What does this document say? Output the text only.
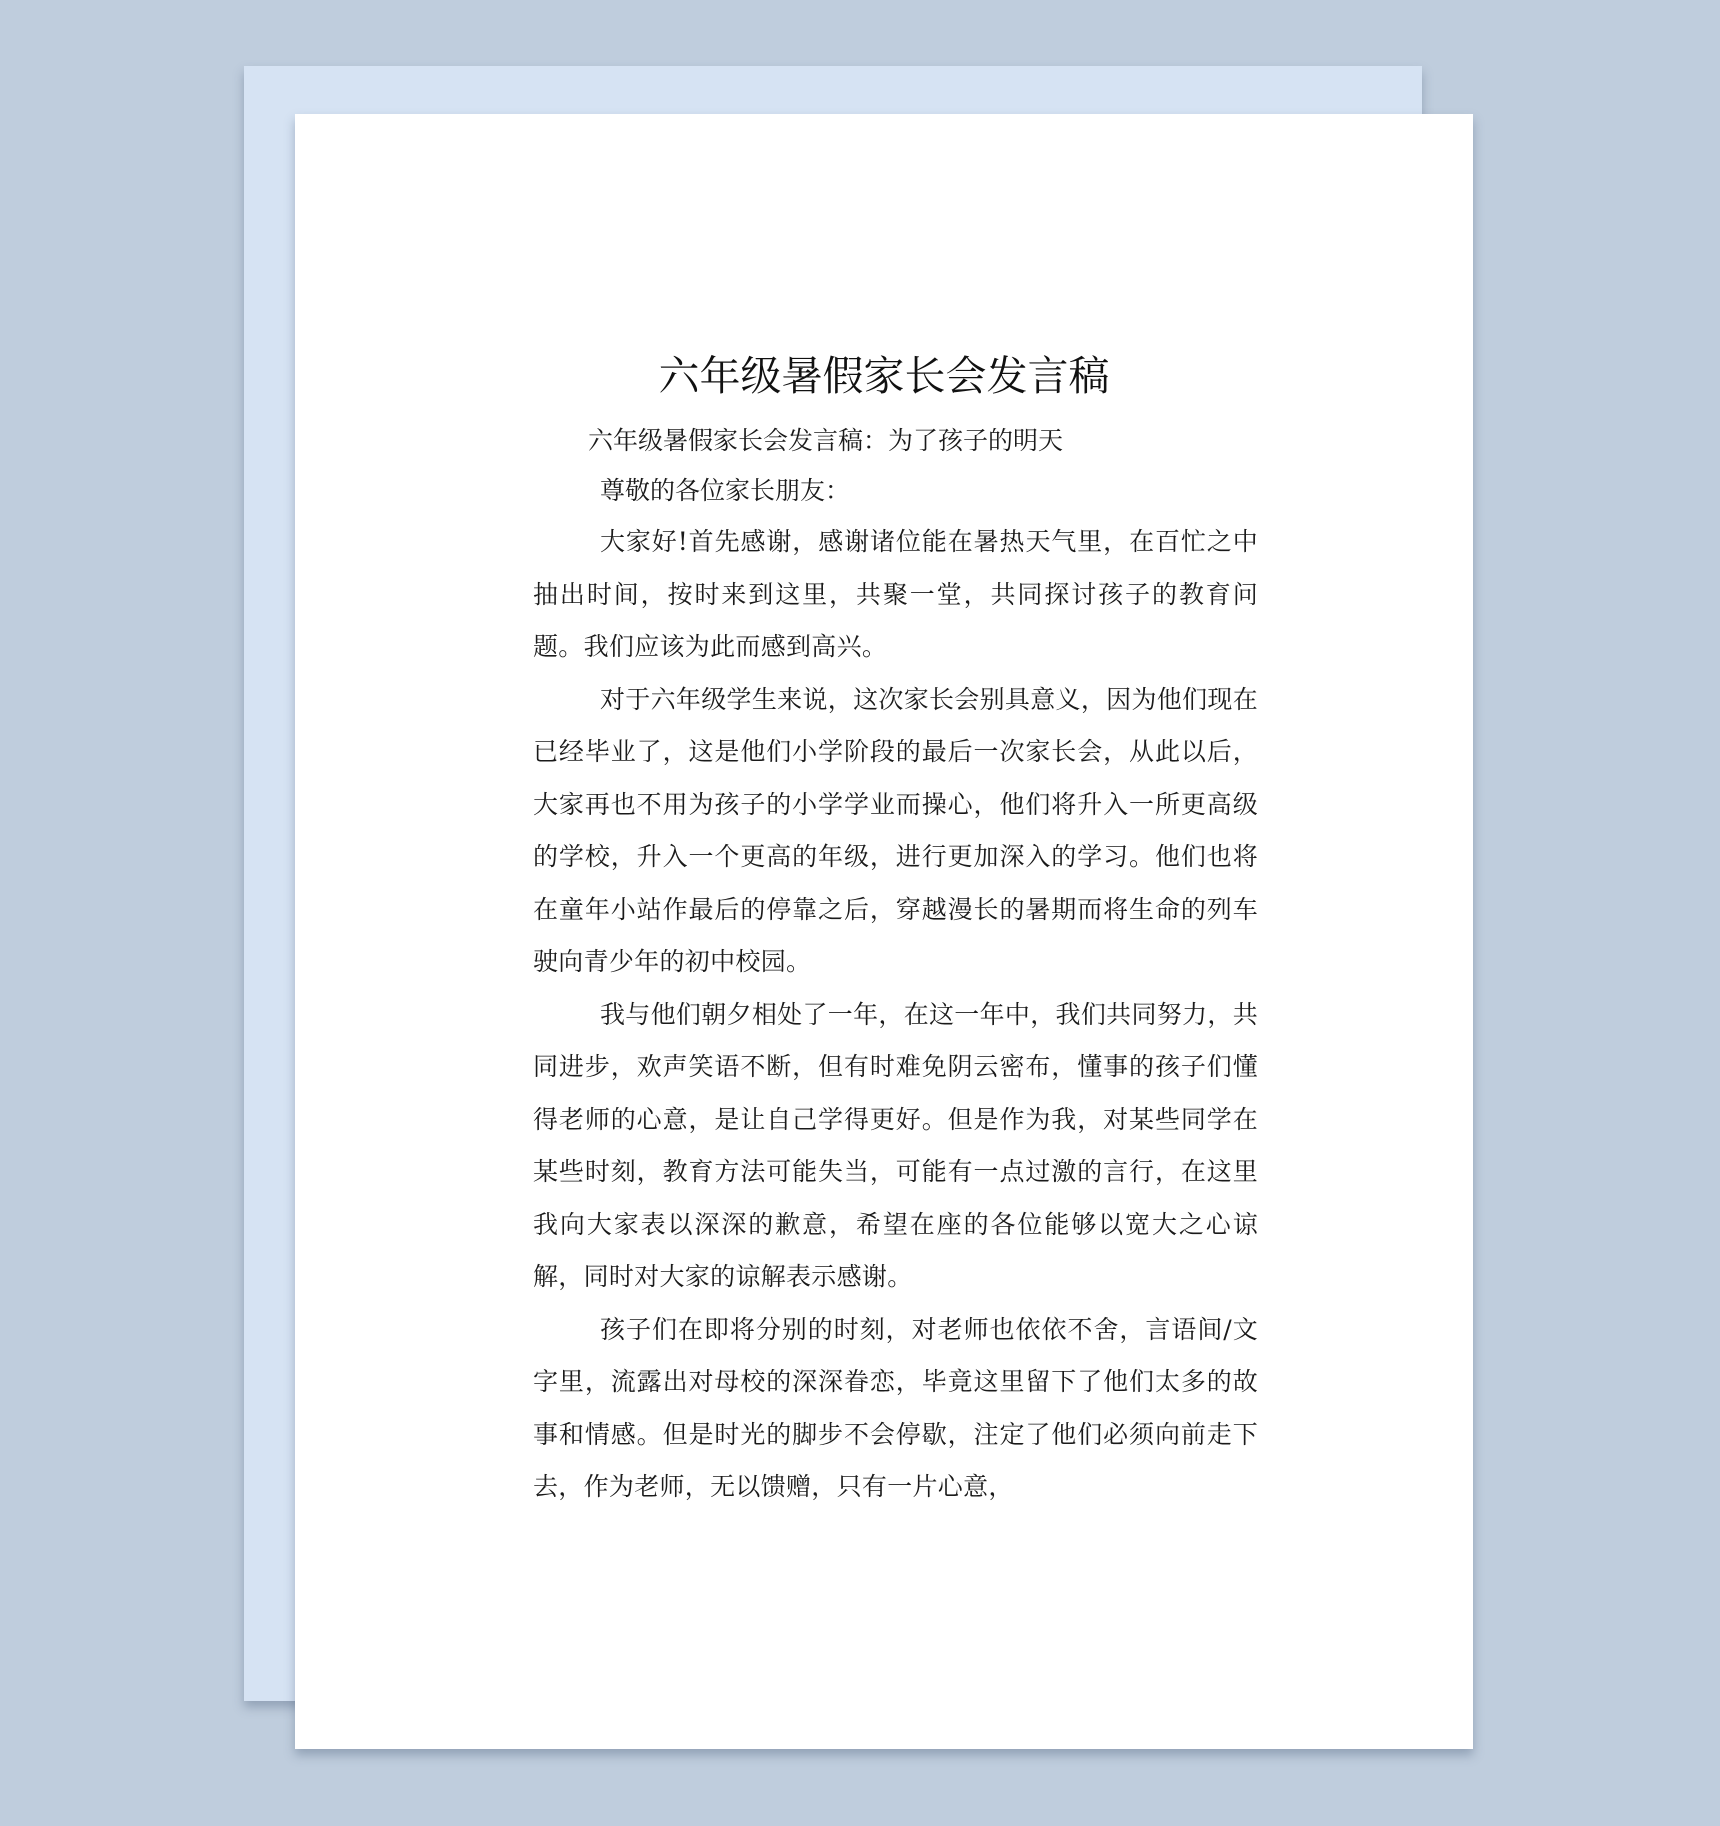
六年级暑假家长会发言稿

六年级暑假家长会发言稿：为了孩子的明天

尊敬的各位家长朋友：

大家好!首先感谢，感谢诸位能在暑热天气里，在百忙之中抽出时间，按时来到这里，共聚一堂，共同探讨孩子的教育问题。我们应该为此而感到高兴。

对于六年级学生来说，这次家长会别具意义，因为他们现在已经毕业了，这是他们小学阶段的最后一次家长会，从此以后，大家再也不用为孩子的小学学业而操心，他们将升入一所更高级的学校，升入一个更高的年级，进行更加深入的学习。他们也将在童年小站作最后的停靠之后，穿越漫长的暑期而将生命的列车驶向青少年的初中校园。

我与他们朝夕相处了一年，在这一年中，我们共同努力，共同进步，欢声笑语不断，但有时难免阴云密布，懂事的孩子们懂得老师的心意，是让自己学得更好。但是作为我，对某些同学在某些时刻，教育方法可能失当，可能有一点过激的言行，在这里我向大家表以深深的歉意，希望在座的各位能够以宽大之心谅解，同时对大家的谅解表示感谢。

孩子们在即将分别的时刻，对老师也依依不舍，言语间/文字里，流露出对母校的深深眷恋，毕竟这里留下了他们太多的故事和情感。但是时光的脚步不会停歇，注定了他们必须向前走下去，作为老师，无以馈赠，只有一片心意，
